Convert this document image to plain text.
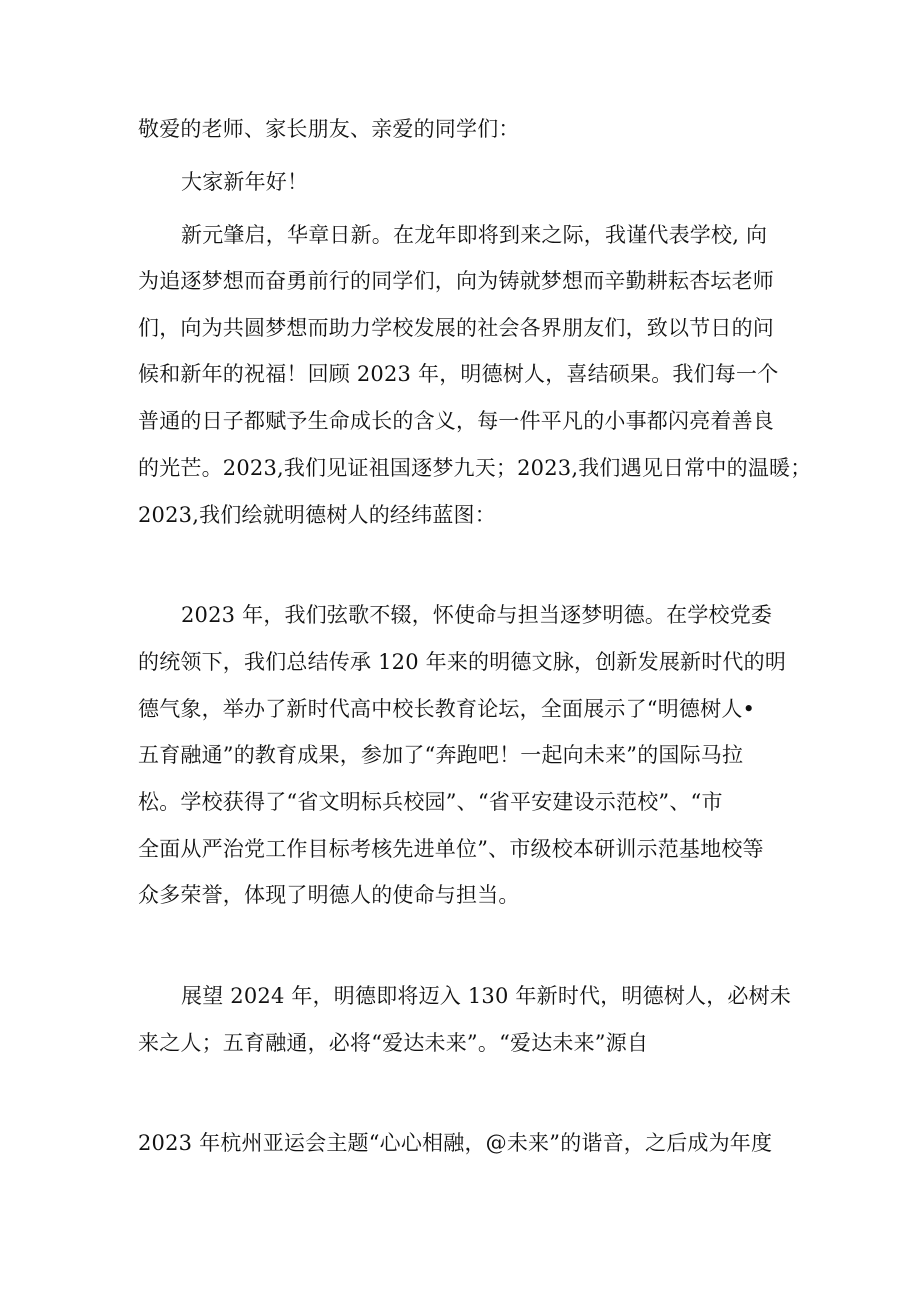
敬爱的老师、家长朋友、亲爱的同学们：
大家新年好！
新元肇启，华章日新。在龙年即将到来之际，我谨代表学校, 向
为追逐梦想而奋勇前行的同学们，向为铸就梦想而辛勤耕耘杏坛老师
们，向为共圆梦想而助力学校发展的社会各界朋友们，致以节日的问
候和新年的祝福！回顾 2023 年，明德树人，喜结硕果。我们每一个
普通的日子都赋予生命成长的含义，每一件平凡的小事都闪亮着善良
的光芒。2023,我们见证祖国逐梦九天；2023,我们遇见日常中的温暖；
2023,我们绘就明德树人的经纬蓝图：
2023 年，我们弦歌不辍，怀使命与担当逐梦明德。在学校党委
的统领下，我们总结传承 120 年来的明德文脉，创新发展新时代的明
德气象，举办了新时代高中校长教育论坛，全面展示了“明德树人•
五育融通”的教育成果，参加了“奔跑吧！一起向未来”的国际马拉
松。学校获得了“省文明标兵校园”、“省平安建设示范校”、“市
全面从严治党工作目标考核先进单位”、市级校本研训示范基地校等
众多荣誉，体现了明德人的使命与担当。
展望 2024 年，明德即将迈入 130 年新时代，明德树人，必树未
来之人；五育融通，必将“爱达未来”。“爱达未来”源自
2023 年杭州亚运会主题“心心相融，@未来”的谐音，之后成为年度
